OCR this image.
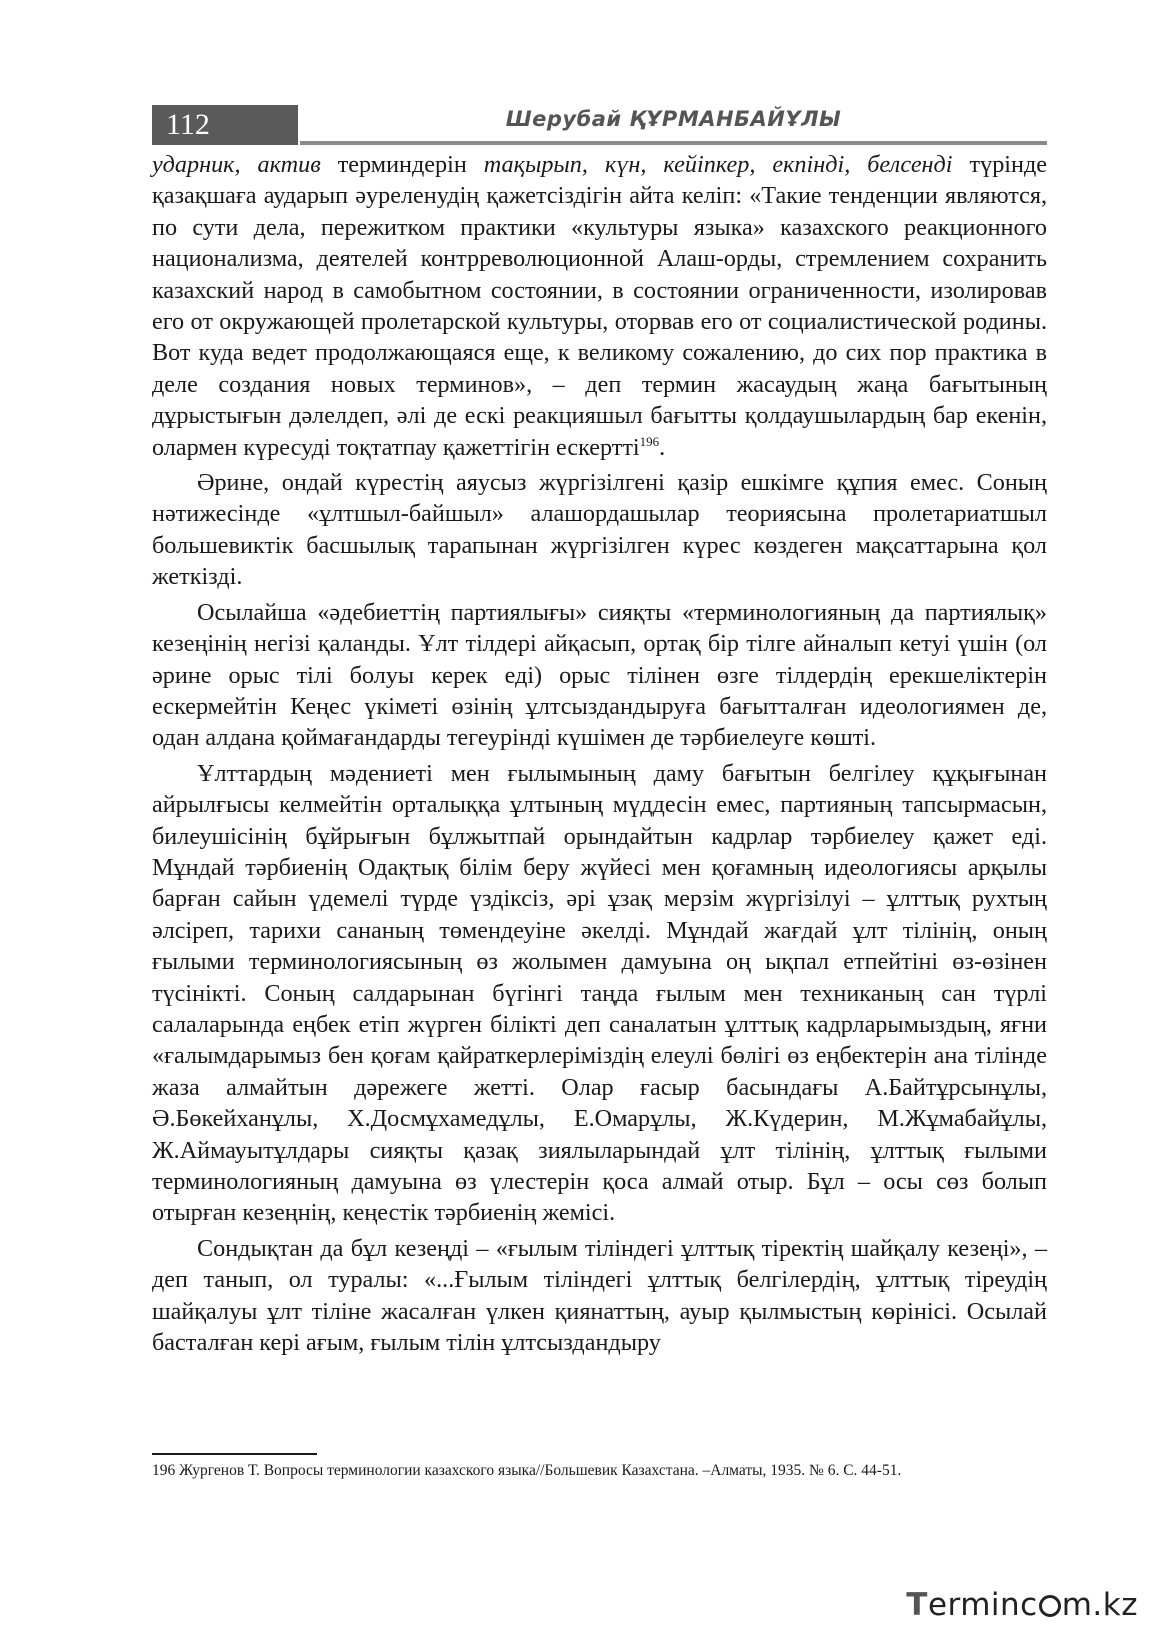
112	Шерубай ҚҰРМАНБАЙҰЛЫ

ударник, актив терминдерін тақырып, күн, кейіпкер, екпінді, белсенді түрінде қазақшаға аударып әуреленудің қажетсіздігін айта келіп: «Такие тенденции являются, по сути дела, пережитком практики «культуры языка» казахского реакционного национализма, деятелей контрреволюционной Алаш-орды, стремлением сохранить казахский народ в самобытном состоянии, в состоянии ограниченности, изолировав его от окружающей пролетарской культуры, оторвав его от социалистической родины. Вот куда ведет продолжающаяся еще, к великому сожалению, до сих пор практика в деле создания новых терминов», – деп термин жасаудың жаңа бағытының дұрыстығын дәлелдеп, әлі де ескі реакцияшыл бағытты қолдаушылардың бар екенін, олармен күресуді тоқтатпау қажеттігін ескертті$^{196}$.

Әрине, ондай күрестің аяусыз жүргізілгені қазір ешкімге құпия емес. Соның нәтижесінде «ұлтшыл-байшыл» алашордашылар теориясына пролетариатшыл большевиктік басшылық тарапынан жүргізілген күрес көздеген мақсаттарына қол жеткізді.

Осылайша «әдебиеттің партиялығы» сияқты «терминологияның да партиялық» кезеңінің негізі қаланды. Ұлт тілдері айқасып, ортақ бір тілге айналып кетуі үшін (ол әрине орыс тілі болуы керек еді) орыс тілінен өзге тілдердің ерекшеліктерін ескермейтін Кеңес үкіметі өзінің ұлтсыздандыруға бағытталған идеологиямен де, одан алдана қоймағандарды тегеурінді күшімен де тәрбиелеуге көшті.

Ұлттардың мәдениеті мен ғылымының даму бағытын белгілеу құқығынан айрылғысы келмейтін орталыққа ұлтының мүддесін емес, партияның тапсырмасын, билеушісінің бұйрығын бұлжытпай орындайтын кадрлар тәрбиелеу қажет еді. Мұндай тәрбиенің Одақтық білім беру жүйесі мен қоғамның идеологиясы арқылы барған сайын үдемелі түрде үздіксіз, әрі ұзақ мерзім жүргізілуі – ұлттық рухтың әлсіреп, тарихи сананың төмендеуіне әкелді. Мұндай жағдай ұлт тілінің, оның ғылыми терминологиясының өз жолымен дамуына оң ықпал етпейтіні өз-өзінен түсінікті. Соның салдарынан бүгінгі таңда ғылым мен техниканың сан түрлі салаларында еңбек етіп жүрген білікті деп саналатын ұлттық кадрларымыздың, яғни «ғалымдарымыз бен қоғам қайраткерлеріміздің елеулі бөлігі өз еңбектерін ана тілінде жаза алмайтын дәрежеге жетті. Олар ғасыр басындағы А.Байтұрсынұлы, Ә.Бөкейханұлы, Х.Досмұхамедұлы, Е.Омарұлы, Ж.Күдерин, М.Жұмабайұлы, Ж.Аймауытұлдары сияқты қазақ зиялыларындай ұлт тілінің, ұлттық ғылыми терминологияның дамуына өз үлестерін қоса алмай отыр. Бұл – осы сөз болып отырған кезеңнің, кеңестік тәрбиенің жемісі.

Сондықтан да бұл кезеңді – «ғылым тіліндегі ұлттық тіректің шайқалу кезеңі», – деп танып, ол туралы: «...Ғылым тіліндегі ұлттық белгілердің, ұлттық тіреудің шайқалуы ұлт тіліне жасалған үлкен қиянаттың, ауыр қылмыстың көрінісі. Осылай басталған кері ағым, ғылым тілін ұлтсыздандыру

196 Жургенов Т. Вопросы терминологии казахского языка//Большевик Казахстана. –Алматы, 1935. № 6. С. 44-51.
Terminc m.kz
